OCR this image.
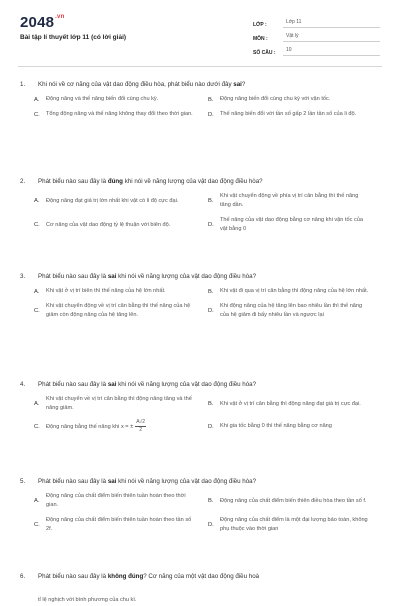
$2048^{.vn}$
Bài tập lí thuyết lớp 11 (có lời giải)
LỚP :	Lớp 11
MÔN :	Vật lý
SỐ CÂU :	10
1.	Khi nói về cơ năng của vật dao động điều hòa, phát biểu nào dưới đây sai?
A.	Động năng và thế năng biến đổi cùng chu kỳ.	B.	Động năng biến đổi cùng chu kỳ với vận tốc.
C.	Tổng động năng và thế năng không thay đổi theo thời gian.	D.	Thế năng biến đổi với tần số gấp 2 lần tần số của li độ.
2.	Phát biểu nào sau đây là đúng khi nói về năng lượng của vật dao động điều hòa?
A.	Động năng đạt giá trị lớn nhất khi vật có li độ cực đại.	B.
Khi vật chuyển động về phía vị trí cân bằng thì thế năng tăng dần.
C.	Cơ năng của vật dao động tỷ lệ thuận với biên độ.	D.
Thế năng của vật dao động bằng cơ năng khi vận tốc của vật bằng 0
3.	Phát biểu nào sau đây là sai khi nói về năng lượng của vật dao động điều hòa?
A.	Khi vật ở vị trí biên thì thế năng của hệ lớn nhất.	B.	Khi vật đi qua vị trí cân bằng thì động năng của hệ lớn nhất.
C.
Khi vật chuyển động về vị trí cân bằng thì thế năng của hệ giảm còn động năng của hệ tăng lên.
D.
Khi động năng của hệ tăng lên bao nhiêu lần thì thế năng của hệ giảm đi bấy nhiêu lần và ngược lại
4.	Phát biểu nào sau đây là sai khi nói về năng lượng của vật dao động điều hòa?
A.
Khi vật chuyển về vị trí cân bằng thì động năng tăng và thế năng giảm.
B.	Khi vật ở vị trí cân bằng thì động năng đạt giá trị cực đại.
C.	Động năng bằng thế năng khi x = ± $\frac{A√2}{2}$	D.	Khi gia tốc bằng 0 thì thế năng bằng cơ năng
5.	Phát biểu nào sau đây là sai khi nói về năng lượng của vật dao động điều hòa?
A.
Động năng của chất điểm biến thiên tuần hoàn theo thời gian.
B.	Động năng của chất điểm biến thiên điều hòa theo tần số f.
C.
Động năng của chất điểm biến thiên tuần hoàn theo tần số 2f.
D.
Động năng của chất điểm là một đại lượng bảo toàn, không phụ thuộc vào thời gian
6.	Phát biểu nào sau đây là không đúng? Cơ năng của một vật dao động điều hoà
tỉ lệ nghịch với bình phương của chu kì.
